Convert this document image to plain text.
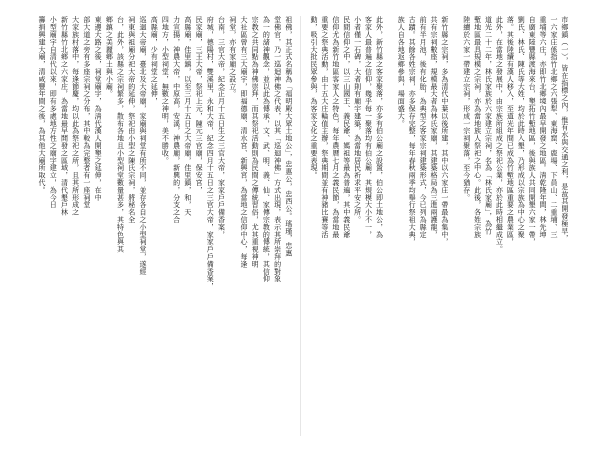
祖佛，其正式名稱為「福明殿大眾土地公」，忠惠公，忠西公。瑤瑾，忠惠
堂佛官，乃一巡迴神佛之代表，以其「巡迴神佛」方式出現，表示其所崇拜的對象
為一的諸神觀念，並以此為傳承，文、武、明、義、仙、家傳宗教的傳統，其信仰
宗教之共同點為神佛崇拜，而其祭祀活動則為民間之傳統習俗，尤其重視神明
大社區曾有三大廟宇，即福德廟、清水宮、新興宮，為當地之信仰中心，每逢
祠堂，亦有家廟之設立。
台南，三官大帝，紀念正月十五日生之三官大帝，家家戶戶備香案，
府城，德陽村，雙溪里，永和大帝，紀念四月十五日之三官大帝，家家戶戶備香案，
民家廟，三王大帝，祭祀上元，陳元三官廟，保安宮，
高縣廟，佳里鎮，以至三月十五日之大帝廟，佳里鎮，和，天
力宣揚，神農大帝，中原高，安溪，神農廟，新興的，分支之合
四地方，小型祠堂，無數之神明，美不勝收。
高縣廟，少有祠堂之延伸，
巡迴大帝廟，臺北及大帝廟，家廟與祠堂有所不同，並存各自之小型祠堂，遂經
祠東與祖廟分祀大帝的延伸，祭祀由小型之陳氏宗祠，將秘名全
台，此外，該縣之宗祠繁多，散布各地且小型祠堂數量甚多，其特色與其
鄉鎮之美麗鄉土與小廟。
東邊大路之後，祠堂廟宇，為清代漢人開墾之延伸，在中
部大道之旁有多座宗祠之分布，其中較為完整者有一座祠堂
大家族村落中，每逢節慶，均以此為祭祀之所，且其所形成之
新竹縣竹北鄉之六家庄，為當地最早開發之區域，清代墾戶林
小型廟宇自清代以來，即有多處地方性之廟宇建立，為今日
籌捐興建大廟，清咸豐年間之後，為其他大廟所取代。	市鄉鎮（一），皆在指標之內，惟有水與交通之利，是故其開發極早，
一六家庄係指竹北鄉之六張犁、東海窟、鹿場、下員山、二重埔、三
重埔等六庄，亦即竹北鄉境內最早開發之地區。清乾隆年間，林先坤
自廣東陸豐縣渡海來台，墾拓竹塹地區，後與族人共同開墾六家一帶，
劉氏、林氏、陳氏等大姓，均於此時入墾，乃形成以宗族為中心之聚
落。其後陸續有漢人移入，至道光年間已成為竹塹地區重要之農業區，
此外，在當地之發展中，由宗族所組成之祭祀公業，亦於此時相繼成立。
道光二十二年，林氏家族於六家建立宗祠，名為「林氏家廟」，為竹
塹地區最具規模之宗祠，亦為當地族人祭祀之中心。此後，各姓宗族
陸續於六家一帶建立宗祠，形成一宗祠聚落，至今猶存。
新竹縣之宗祠，多為清代中葉以後所建，其中以六家庄一帶最為集中，
共有宗祠數座，規模最大者為林氏家廟，其建築格局為三進兩護龍，
前有半月池，後有化胎，為典型之客家宗祠建築形式，今已列為縣定
古蹟。其餘各姓宗祠，亦多保存完整，每年春秋兩季均舉行祭祖大典，
族人自各地返鄉參與，場面盛大。
此外，新竹縣之客家聚落，亦多有伯公廟之設置，伯公即土地公，為
客家人最普遍之信仰，幾乎每一聚落均有伯公廟，其規模大小不一，
小者僅一石碑，大者則有廟宇建築，為當地居民祈求平安之所。
民間信仰之中，以三山國王、義民爺、媽祖等最為普遍，其中義民爺
信仰尤為新竹地區客家人之特色，每年農曆七月之義民節，為當地最
重要之祭典活動，由十五大庄輪值主辦，祭典期間並有神豬比賽等活
動，吸引大批民眾參與，為客家文化之重要表現。
